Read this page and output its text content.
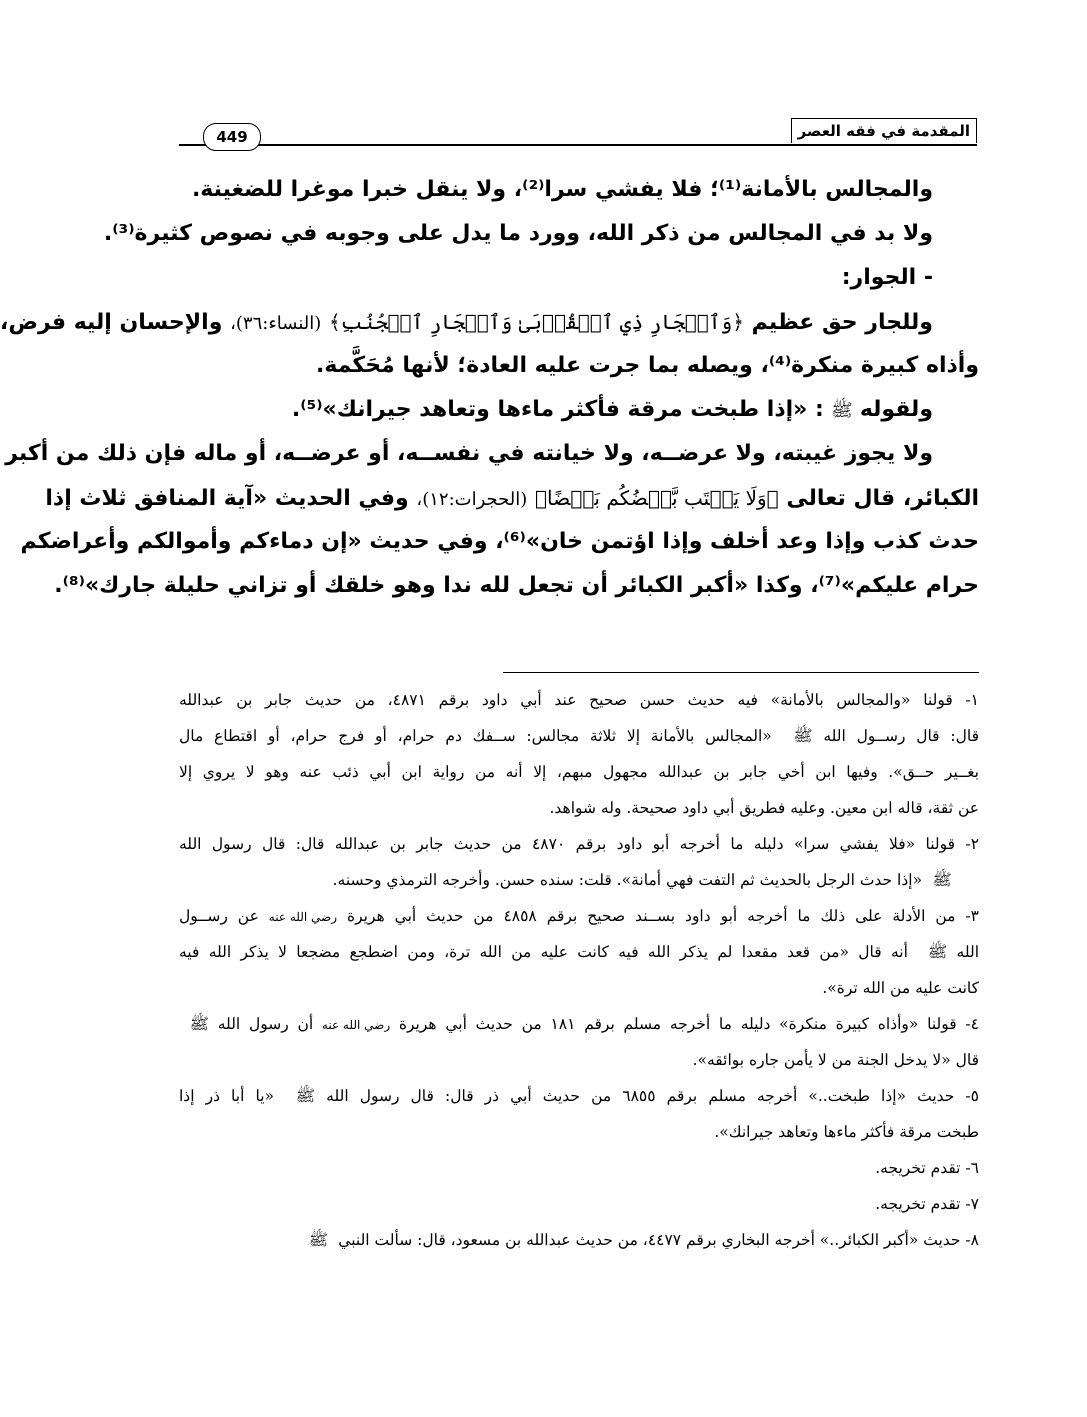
المقدمة في فقه العصر
449
والمجالس بالأمانة⁽¹⁾؛ فلا يفشي سرا⁽²⁾، ولا ينقل خبرا موغرا للضغينة.
ولا بد في المجالس من ذكر الله، وورد ما يدل على وجوبه في نصوص كثيرة⁽³⁾.
- الجوار:
وللجار حق عظيم ﴿وَٱلۡجَارِ ذِي ٱلۡقُرۡبَىٰ وَٱلۡجَارِ ٱلۡجُنُبِ﴾ (النساء:٣٦)، والإحسان إليه فرض،
وأذاه كبيرة منكرة⁽⁴⁾، ويصله بما جرت عليه العادة؛ لأنها مُحَكَّمة.
ولقولهﷺ: «إذا طبخت مرقة فأكثر ماءها وتعاهد جيرانك»⁽⁵⁾.
ولا يجوز غيبته، ولا عرضــه، ولا خيانته في نفســه، أو عرضــه، أو ماله فإن ذلك من أكبر
الكبائر، قال تعالى ﴿وَلَا يَغۡتَب بَّعۡضُكُم بَعۡضًا﴾ (الحجرات:١٢)، وفي الحديث «آية المنافق ثلاث إذا
حدث كذب وإذا وعد أخلف وإذا اؤتمن خان»⁽⁶⁾، وفي حديث «إن دماءكم وأموالكم وأعراضكم
حرام عليكم»⁽⁷⁾، وكذا «أكبر الكبائر أن تجعل لله ندا وهو خلقك أو تزاني حليلة جارك»⁽⁸⁾.
١- قولنا «والمجالس بالأمانة» فيه حديث حسن صحيح عند أبي داود برقم ٤٨٧١، من حديث جابر بن عبدالله
قال: قال رســول الله ﷺ «المجالس بالأمانة إلا ثلاثة مجالس: ســفك دم حرام، أو فرج حرام، أو اقتطاع مال
بغــير حــق». وفيها ابن أخي جابر بن عبدالله مجهول مبهم، إلا أنه من رواية ابن أبي ذئب عنه وهو لا يروي إلا
عن ثقة، قاله ابن معين. وعليه فطريق أبي داود صحيحة. وله شواهد.
٢- قولنا «فلا يفشي سرا» دليله ما أخرجه أبو داود برقم ٤٨٧٠ من حديث جابر بن عبدالله قال: قال رسول الله
ﷺ «إذا حدث الرجل بالحديث ثم التفت فهي أمانة». قلت: سنده حسن. وأخرجه الترمذي وحسنه.
٣- من الأدلة على ذلك ما أخرجه أبو داود بســند صحيح برقم ٤٨٥٨ من حديث أبي هريرة رضي الله عنه عن رســول
الله ﷺ أنه قال «من قعد مقعدا لم يذكر الله فيه كانت عليه من الله ترة، ومن اضطجع مضجعا لا يذكر الله فيه
كانت عليه من الله ترة».
٤- قولنا «وأذاه كبيرة منكرة» دليله ما أخرجه مسلم برقم ١٨١ من حديث أبي هريرة رضي الله عنه أن رسول الله ﷺ
قال «لا يدخل الجنة من لا يأمن جاره بوائقه».
٥- حديث «إذا طبخت..» أخرجه مسلم برقم ٦٨٥٥ من حديث أبي ذر قال: قال رسول الله ﷺ «يا أبا ذر إذا
طبخت مرقة فأكثر ماءها وتعاهد جيرانك».
٦- تقدم تخريجه.
٧- تقدم تخريجه.
٨- حديث «أكبر الكبائر..» أخرجه البخاري برقم ٤٤٧٧، من حديث عبدالله بن مسعود، قال: سألت النبي ﷺ
